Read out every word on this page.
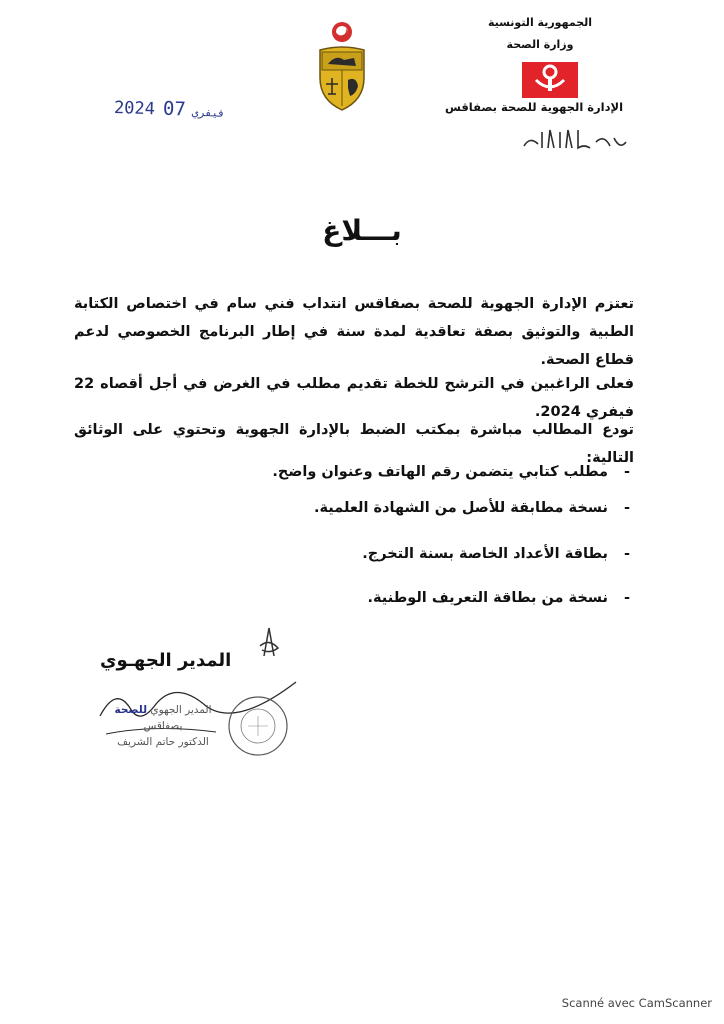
الجمهورية التونسية
وزارة الصحة
الإدارة الجهوية للصحة بصفاقس
2024	فيفري07
بـــلاغ
تعتزم الإدارة الجهوية للصحة بصفاقس انتداب فني سام في اختصاص الكتابة الطبية والتوثيق بصفة تعاقدية لمدة سنة في إطار البرنامج الخصوصي لدعم قطاع الصحة.
فعلى الراغبين في الترشح للخطة تقديم مطلب في الغرض في أجل أقصاه 22 فيفري 2024.
تودع المطالب مباشرة بمكتب الضبط بالإدارة الجهوية وتحتوي على الوثائق التالية:
-
مطلب كتابي يتضمن رقم الهاتف وعنوان واضح.
-
نسخة مطابقة للأصل من الشهادة العلمية.
-
بطاقة الأعداد الخاصة بسنة التخرج.
-
نسخة من بطاقة التعريف الوطنية.
المدير الجهـوي
المدير الجهوي للصحة
بصفاقس
الدكتور حاتم الشريف
Scanné avec CamScanner
